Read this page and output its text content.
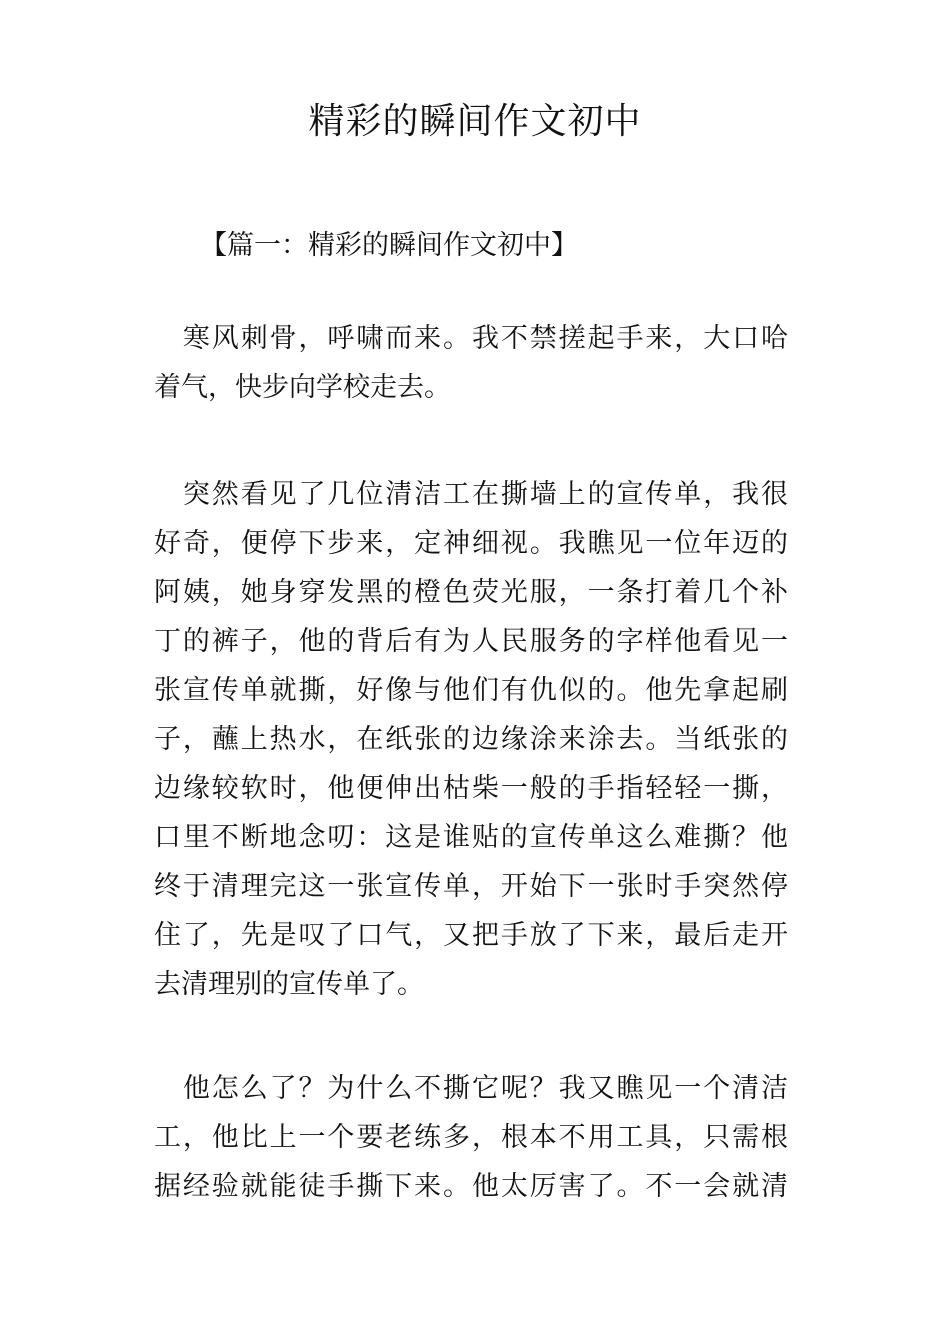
精彩的瞬间作文初中
【篇一：精彩的瞬间作文初中】
　寒风刺骨，呼啸而来。我不禁搓起手来，大口哈
着气，快步向学校走去。
　突然看见了几位清洁工在撕墙上的宣传单，我很
好奇，便停下步来，定神细视。我瞧见一位年迈的
阿姨，她身穿发黑的橙色荧光服，一条打着几个补
丁的裤子，他的背后有为人民服务的字样他看见一
张宣传单就撕，好像与他们有仇似的。他先拿起刷
子，蘸上热水，在纸张的边缘涂来涂去。当纸张的
边缘较软时，他便伸出枯柴一般的手指轻轻一撕，
口里不断地念叨：这是谁贴的宣传单这么难撕？他
终于清理完这一张宣传单，开始下一张时手突然停
住了，先是叹了口气，又把手放了下来，最后走开
去清理别的宣传单了。
　他怎么了？为什么不撕它呢？我又瞧见一个清洁
工，他比上一个要老练多，根本不用工具，只需根
据经验就能徒手撕下来。他太厉害了。不一会就清
